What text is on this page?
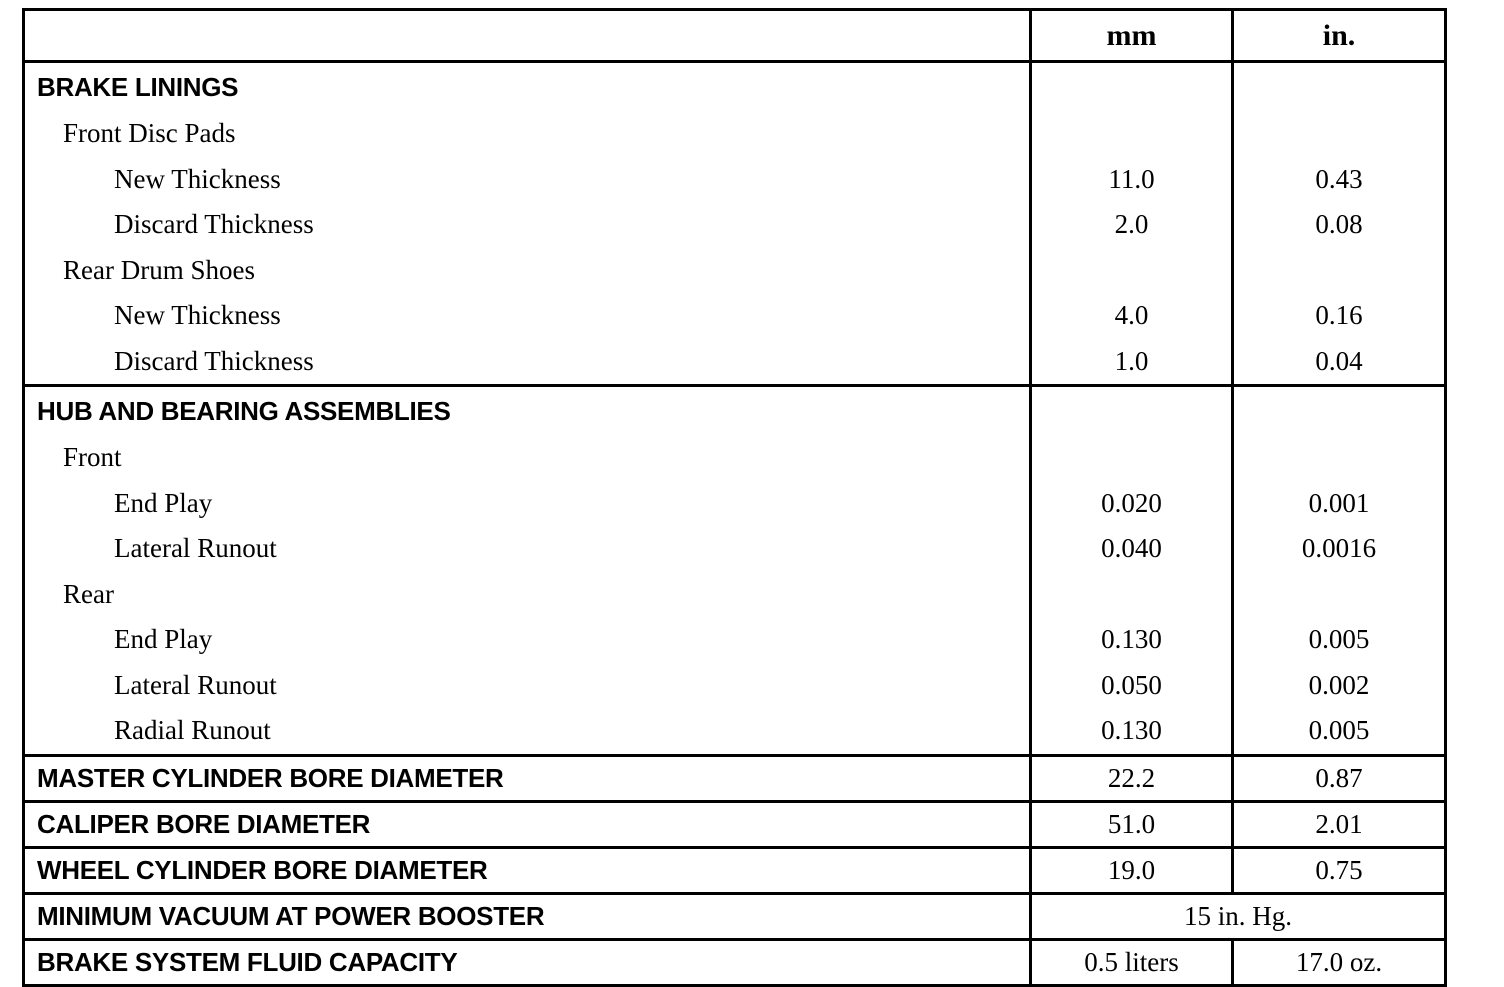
	mm	in.
BRAKE LININGS		
Front Disc Pads		
New Thickness	11.0	0.43
Discard Thickness	2.0	0.08
Rear Drum Shoes		
New Thickness	4.0	0.16
Discard Thickness	1.0	0.04
HUB AND BEARING ASSEMBLIES		
Front		
End Play	0.020	0.001
Lateral Runout	0.040	0.0016
Rear		
End Play	0.130	0.005
Lateral Runout	0.050	0.002
Radial Runout	0.130	0.005
MASTER CYLINDER BORE DIAMETER	22.2	0.87
CALIPER BORE DIAMETER	51.0	2.01
WHEEL CYLINDER BORE DIAMETER	19.0	0.75
MINIMUM VACUUM AT POWER BOOSTER	15 in. Hg.	
BRAKE SYSTEM FLUID CAPACITY	0.5 liters	17.0 oz.
